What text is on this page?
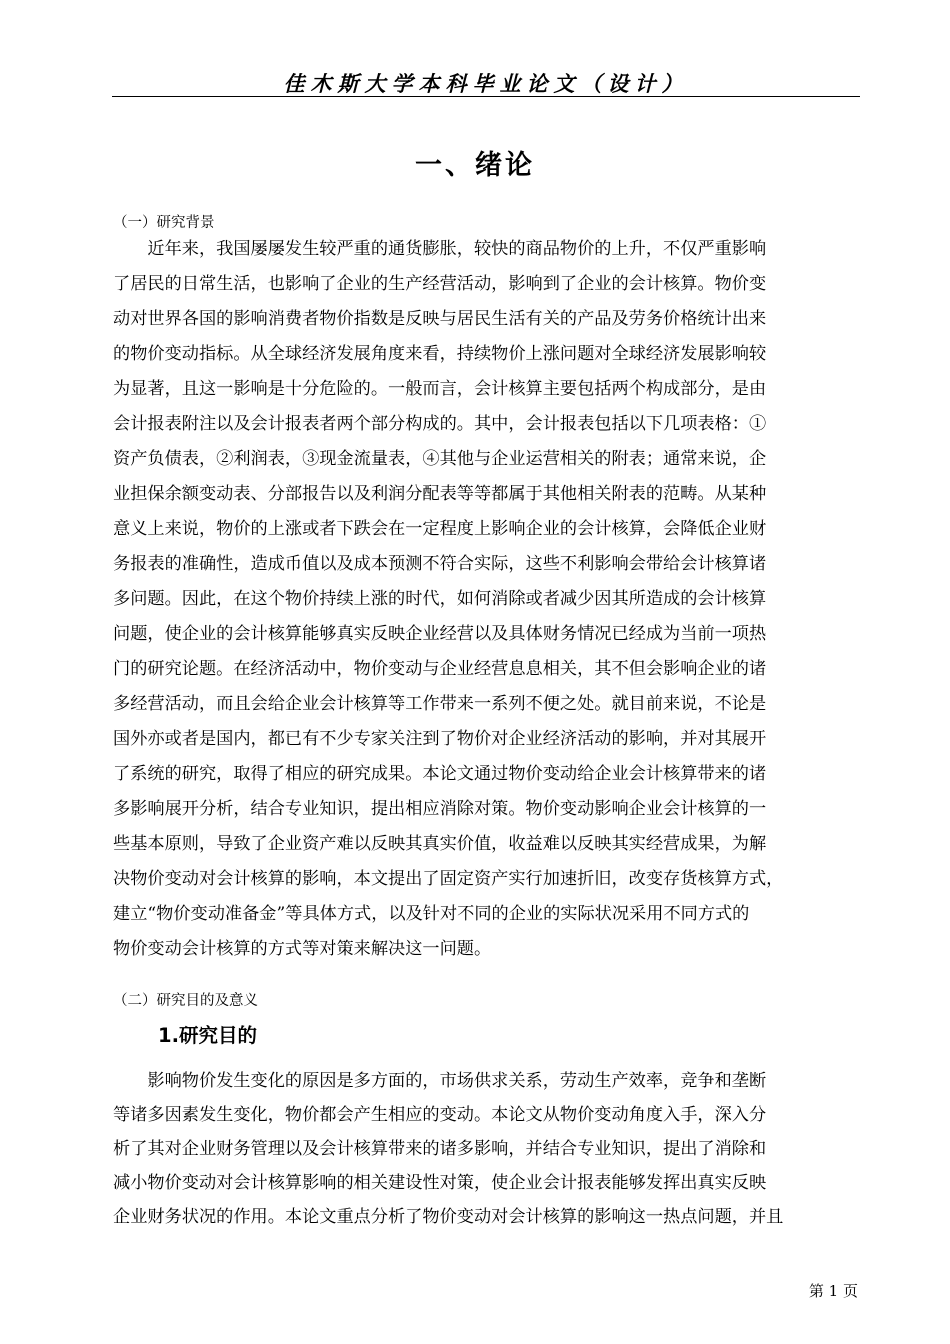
佳木斯大学本科毕业论文（设计）
一、绪论
（一）研究背景
　　近年来，我国屡屡发生较严重的通货膨胀，较快的商品物价的上升，不仅严重影响
了居民的日常生活，也影响了企业的生产经营活动，影响到了企业的会计核算。物价变
动对世界各国的影响消费者物价指数是反映与居民生活有关的产品及劳务价格统计出来
的物价变动指标。从全球经济发展角度来看，持续物价上涨问题对全球经济发展影响较
为显著，且这一影响是十分危险的。一般而言，会计核算主要包括两个构成部分，是由
会计报表附注以及会计报表者两个部分构成的。其中，会计报表包括以下几项表格：①
资产负债表，②利润表，③现金流量表，④其他与企业运营相关的附表；通常来说，企
业担保余额变动表、分部报告以及利润分配表等等都属于其他相关附表的范畴。从某种
意义上来说，物价的上涨或者下跌会在一定程度上影响企业的会计核算，会降低企业财
务报表的准确性，造成币值以及成本预测不符合实际，这些不利影响会带给会计核算诸
多问题。因此，在这个物价持续上涨的时代，如何消除或者减少因其所造成的会计核算
问题，使企业的会计核算能够真实反映企业经营以及具体财务情况已经成为当前一项热
门的研究论题。在经济活动中，物价变动与企业经营息息相关，其不但会影响企业的诸
多经营活动，而且会给企业会计核算等工作带来一系列不便之处。就目前来说，不论是
国外亦或者是国内，都已有不少专家关注到了物价对企业经济活动的影响，并对其展开
了系统的研究，取得了相应的研究成果。本论文通过物价变动给企业会计核算带来的诸
多影响展开分析，结合专业知识，提出相应消除对策。物价变动影响企业会计核算的一
些基本原则，导致了企业资产难以反映其真实价值，收益难以反映其实经营成果，为解
决物价变动对会计核算的影响，本文提出了固定资产实行加速折旧，改变存货核算方式，
建立“物价变动准备金”等具体方式，以及针对不同的企业的实际状况采用不同方式的
物价变动会计核算的方式等对策来解决这一问题。
（二）研究目的及意义
1.研究目的
　　影响物价发生变化的原因是多方面的，市场供求关系，劳动生产效率，竞争和垄断
等诸多因素发生变化，物价都会产生相应的变动。本论文从物价变动角度入手，深入分
析了其对企业财务管理以及会计核算带来的诸多影响，并结合专业知识，提出了消除和
减小物价变动对会计核算影响的相关建设性对策，使企业会计报表能够发挥出真实反映
企业财务状况的作用。本论文重点分析了物价变动对会计核算的影响这一热点问题，并且
第 1 页
